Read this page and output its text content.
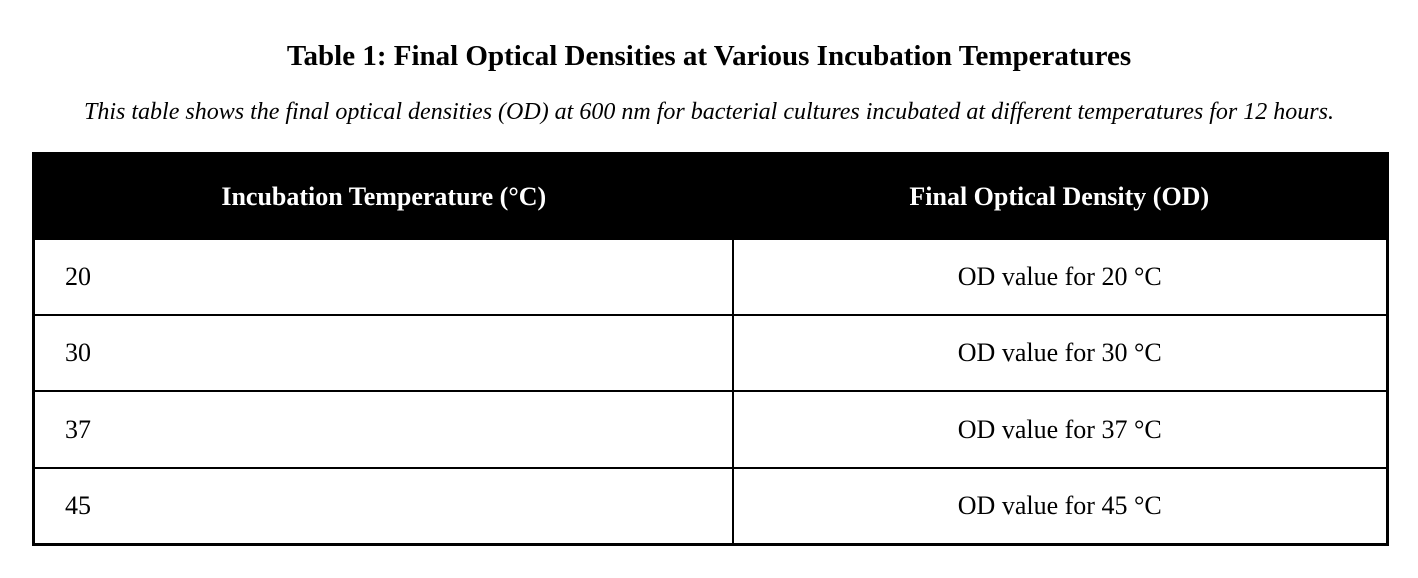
Table 1: Final Optical Densities at Various Incubation Temperatures

This table shows the final optical densities (OD) at 600 nm for bacterial cultures incubated at different temperatures for 12 hours.

Incubation Temperature (°C)	Final Optical Density (OD)
20	OD value for 20 °C
30	OD value for 30 °C
37	OD value for 37 °C
45	OD value for 45 °C
